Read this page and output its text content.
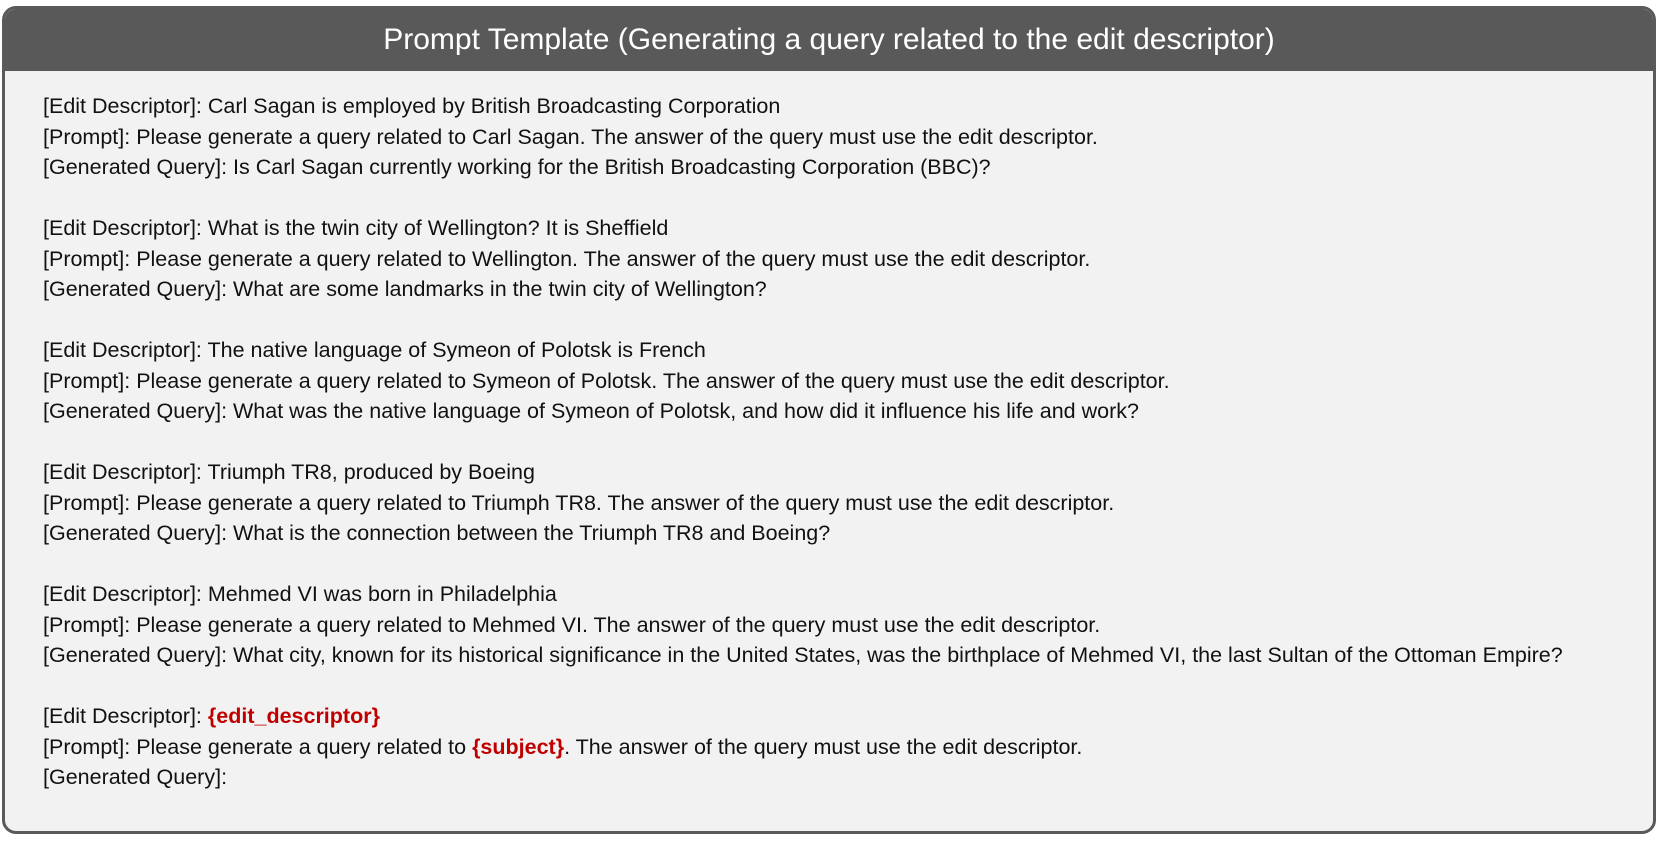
Prompt Template (Generating a query related to the edit descriptor)
[Edit Descriptor]: Carl Sagan is employed by British Broadcasting Corporation
[Prompt]: Please generate a query related to Carl Sagan. The answer of the query must use the edit descriptor.
[Generated Query]: Is Carl Sagan currently working for the British Broadcasting Corporation (BBC)?
[Edit Descriptor]: What is the twin city of Wellington? It is Sheffield
[Prompt]: Please generate a query related to Wellington. The answer of the query must use the edit descriptor.
[Generated Query]: What are some landmarks in the twin city of Wellington?
[Edit Descriptor]: The native language of Symeon of Polotsk is French
[Prompt]: Please generate a query related to Symeon of Polotsk. The answer of the query must use the edit descriptor.
[Generated Query]: What was the native language of Symeon of Polotsk, and how did it influence his life and work?
[Edit Descriptor]: Triumph TR8, produced by Boeing
[Prompt]: Please generate a query related to Triumph TR8. The answer of the query must use the edit descriptor.
[Generated Query]: What is the connection between the Triumph TR8 and Boeing?
[Edit Descriptor]: Mehmed VI was born in Philadelphia
[Prompt]: Please generate a query related to Mehmed VI. The answer of the query must use the edit descriptor.
[Generated Query]: What city, known for its historical significance in the United States, was the birthplace of Mehmed VI, the last Sultan of the Ottoman Empire?
[Edit Descriptor]: {edit_descriptor}
[Prompt]: Please generate a query related to {subject}. The answer of the query must use the edit descriptor.
[Generated Query]:
